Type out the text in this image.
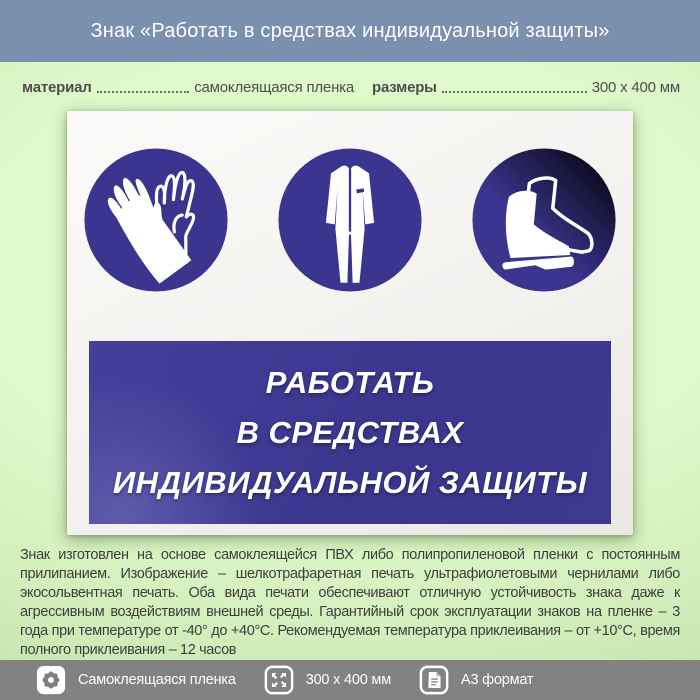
Знак «Работать в средствах индивидуальной защиты»
материал	самоклеящаяся пленка размеры	300 x 400 мм
РАБОТАТЬ
В СРЕДСТВАХ
ИНДИВИДУАЛЬНОЙ ЗАЩИТЫ

Знак изготовлен на основе самоклеящейся ПВХ либо полипропиленовой пленки с постоянным прилипанием. Изображение – шелкотрафаретная печать ультрафиолетовыми чернилами либо экосольвентная печать. Оба вида печати обеспечивают отличную устойчивость знака даже к агрессивным воздействиям внешней среды. Гарантийный срок эксплуатации знаков на пленке – 3 года при температуре от -40° до +40°С. Рекомендуемая температура приклеивания – от +10°С, время полного приклеивания – 12 часов

Самоклеящаяся пленка	300 x 400 мм	А3 формат
